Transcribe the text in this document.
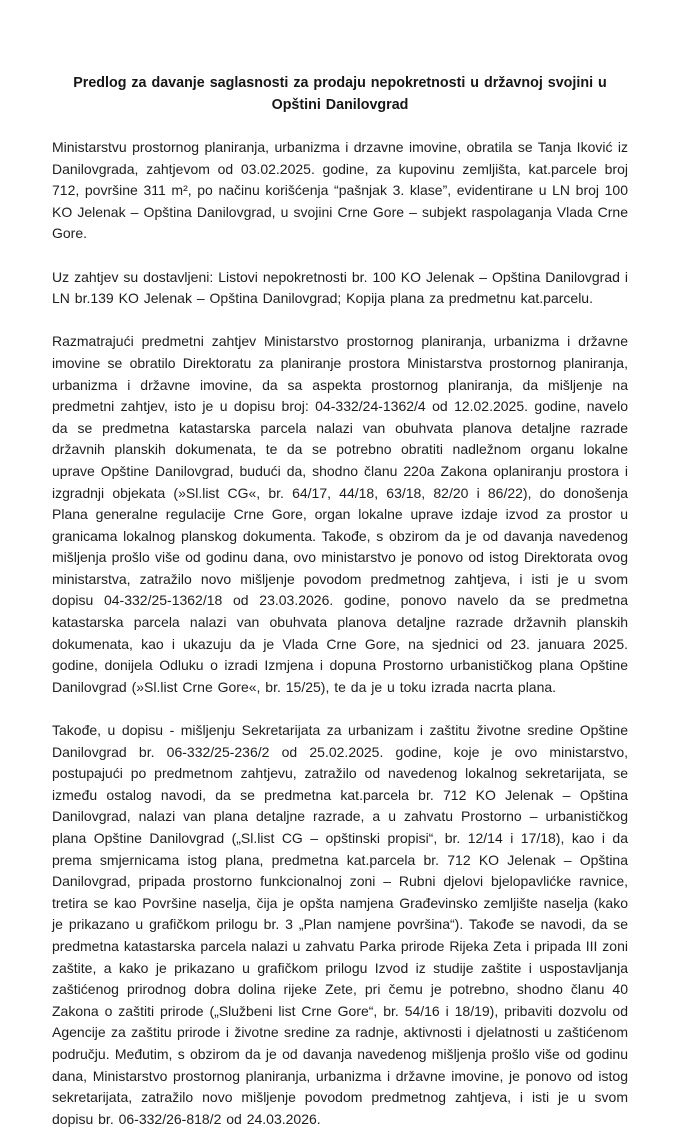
Predlog za davanje saglasnosti za prodaju nepokretnosti u državnoj svojini u Opštini Danilovgrad

Ministarstvu prostornog planiranja, urbanizma i drzavne imovine, obratila se Tanja Iković iz Danilovgrada, zahtjevom od 03.02.2025. godine, za kupovinu zemljišta, kat.parcele broj 712, površine 311 m², po načinu korišćenja “pašnjak 3. klase”, evidentirane u LN broj 100 KO Jelenak – Opština Danilovgrad, u svojini Crne Gore – subjekt raspolaganja Vlada Crne Gore.

Uz zahtjev su dostavljeni: Listovi nepokretnosti br. 100 KO Jelenak – Opština Danilovgrad i LN br.139 KO Jelenak – Opština Danilovgrad; Kopija plana za predmetnu kat.parcelu.

Razmatrajući predmetni zahtjev Ministarstvo prostornog planiranja, urbanizma i državne imovine se obratilo Direktoratu za planiranje prostora Ministarstva prostornog planiranja, urbanizma i državne imovine, da sa aspekta prostornog planiranja, da mišljenje na predmetni zahtjev, isto je u dopisu broj: 04-332/24-1362/4 od 12.02.2025. godine, navelo da se predmetna katastarska parcela nalazi van obuhvata planova detaljne razrade državnih planskih dokumenata, te da se potrebno obratiti nadležnom organu lokalne uprave Opštine Danilovgrad, budući da, shodno članu 220a Zakona oplaniranju prostora i izgradnji objekata (»Sl.list CG«, br. 64/17, 44/18, 63/18, 82/20 i 86/22), do donošenja Plana generalne regulacije Crne Gore, organ lokalne uprave izdaje izvod za prostor u granicama lokalnog planskog dokumenta. Takođe, s obzirom da je od davanja navedenog mišljenja prošlo više od godinu dana, ovo ministarstvo je ponovo od istog Direktorata ovog ministarstva, zatražilo novo mišljenje povodom predmetnog zahtjeva, i isti je u svom dopisu 04-332/25-1362/18 od 23.03.2026. godine, ponovo navelo da se predmetna katastarska parcela nalazi van obuhvata planova detaljne razrade državnih planskih dokumenata, kao i ukazuju da je Vlada Crne Gore, na sjednici od 23. januara 2025. godine, donijela Odluku o izradi Izmjena i dopuna Prostorno urbanističkog plana Opštine Danilovgrad (»Sl.list Crne Gore«, br. 15/25), te da je u toku izrada nacrta plana.

Takođe, u dopisu - mišljenju Sekretarijata za urbanizam i zaštitu životne sredine Opštine Danilovgrad br. 06-332/25-236/2 od 25.02.2025. godine, koje je ovo ministarstvo, postupajući po predmetnom zahtjevu, zatražilo od navedenog lokalnog sekretarijata, se između ostalog navodi, da se predmetna kat.parcela br. 712 KO Jelenak – Opština Danilovgrad, nalazi van plana detaljne razrade, a u zahvatu Prostorno – urbanističkog plana Opštine Danilovgrad („Sl.list CG – opštinski propisi“, br. 12/14 i 17/18), kao i da prema smjernicama istog plana, predmetna kat.parcela br. 712 KO Jelenak – Opština Danilovgrad, pripada prostorno funkcionalnoj zoni – Rubni djelovi bjelopavlićke ravnice, tretira se kao Površine naselja, čija je opšta namjena Građevinsko zemljište naselja (kako je prikazano u grafičkom prilogu br. 3 „Plan namjene površina“). Takođe se navodi, da se predmetna katastarska parcela nalazi u zahvatu Parka prirode Rijeka Zeta i pripada III zoni zaštite, a kako je prikazano u grafičkom prilogu Izvod iz studije zaštite i uspostavljanja zaštićenog prirodnog dobra dolina rijeke Zete, pri čemu je potrebno, shodno članu 40 Zakona o zaštiti prirode („Službeni list Crne Gore“, br. 54/16 i 18/19), pribaviti dozvolu od Agencije za zaštitu prirode i životne sredine za radnje, aktivnosti i djelatnosti u zaštićenom području. Međutim, s obzirom da je od davanja navedenog mišljenja prošlo više od godinu dana, Ministarstvo prostornog planiranja, urbanizma i državne imovine, je ponovo od istog sekretarijata, zatražilo novo mišljenje povodom predmetnog zahtjeva, i isti je u svom dopisu br. 06-332/26-818/2 od 24.03.2026.
